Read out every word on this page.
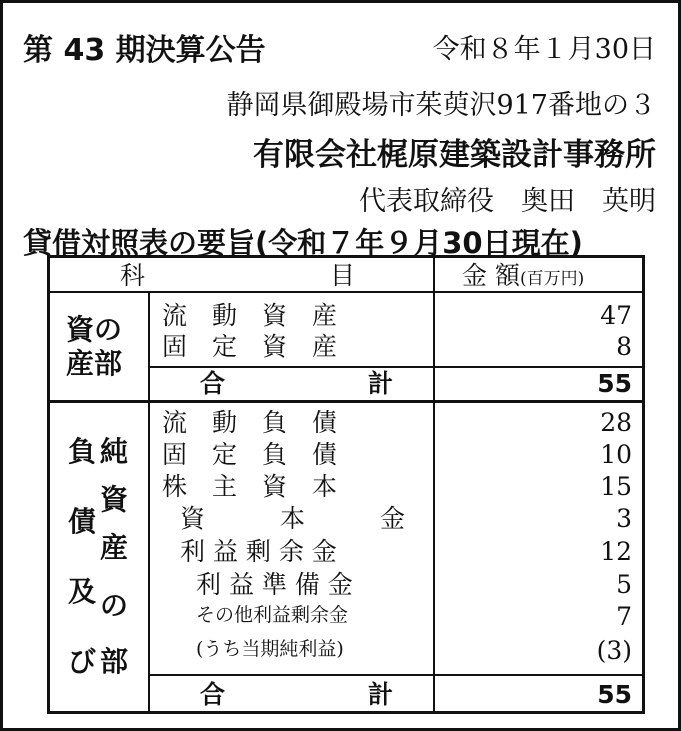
第 43 期決算公告	令和８年１月30日
静岡県御殿場市茱萸沢917番地の３
有限会社梶原建築設計事務所
代表取締役　奥田　英明
貸借対照表の要旨(令和７年９月30日現在)
科	目	金 額(百万円)
資の
産部
流　動　資　産	47
固　定　資　産	8
合	計	55
負
債
及
び
純
資
産
の
部
流　動　負　債	28
固　定　負　債	10
株　主　資　本	15
資　　　本　　　金	3
利 益 剰 余 金	12
利 益 準 備 金	5
その他利益剰余金	7
(うち当期純利益)	(3)
合	計	55
